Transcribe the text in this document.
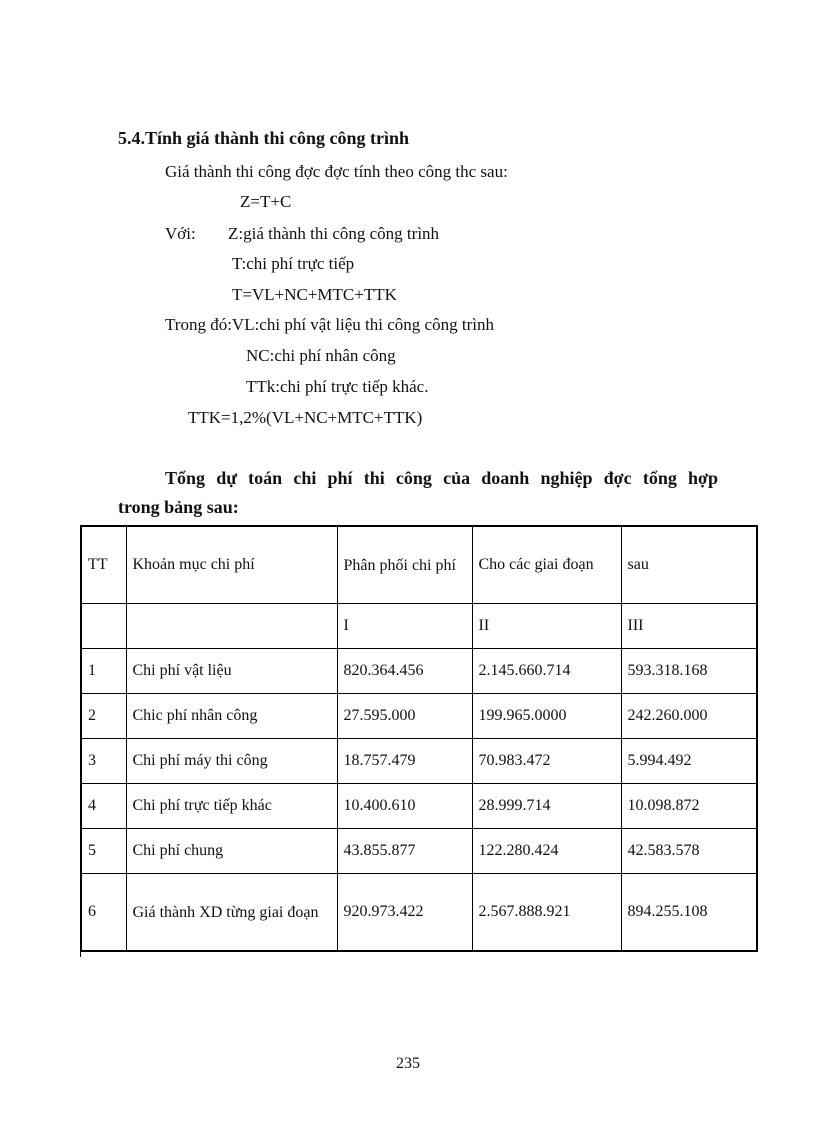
5.4.Tính giá thành thi công công trình
Giá thành thi công đợc đợc tính theo công thc sau:
Z=T+C
Với: Z:giá thành thi công công trình
T:chi phí trực tiếp
T=VL+NC+MTC+TTK
Trong đó:VL:chi phí vật liệu thi công công trình
NC:chi phí nhân công
TTk:chi phí trực tiếp khác.
TTK=1,2%(VL+NC+MTC+TTK)
Tổng dự toán chi phí thi công của doanh nghiệp đợc tổng hợp
trong bảng sau:
TT	Khoản mục chi phí	Phân phối chi phí	Cho các giai đoạn	sau
		I	II	III
1	Chi phí vật liệu	820.364.456	2.145.660.714	593.318.168
2	Chic phí nhân công	27.595.000	199.965.0000	242.260.000
3	Chi phí máy thi công	18.757.479	70.983.472	5.994.492
4	Chi phí trực tiếp khác	10.400.610	28.999.714	10.098.872
5	Chi phí chung	43.855.877	122.280.424	42.583.578
6	Giá thành XD từng giai đoạn	920.973.422	2.567.888.921	894.255.108
235
